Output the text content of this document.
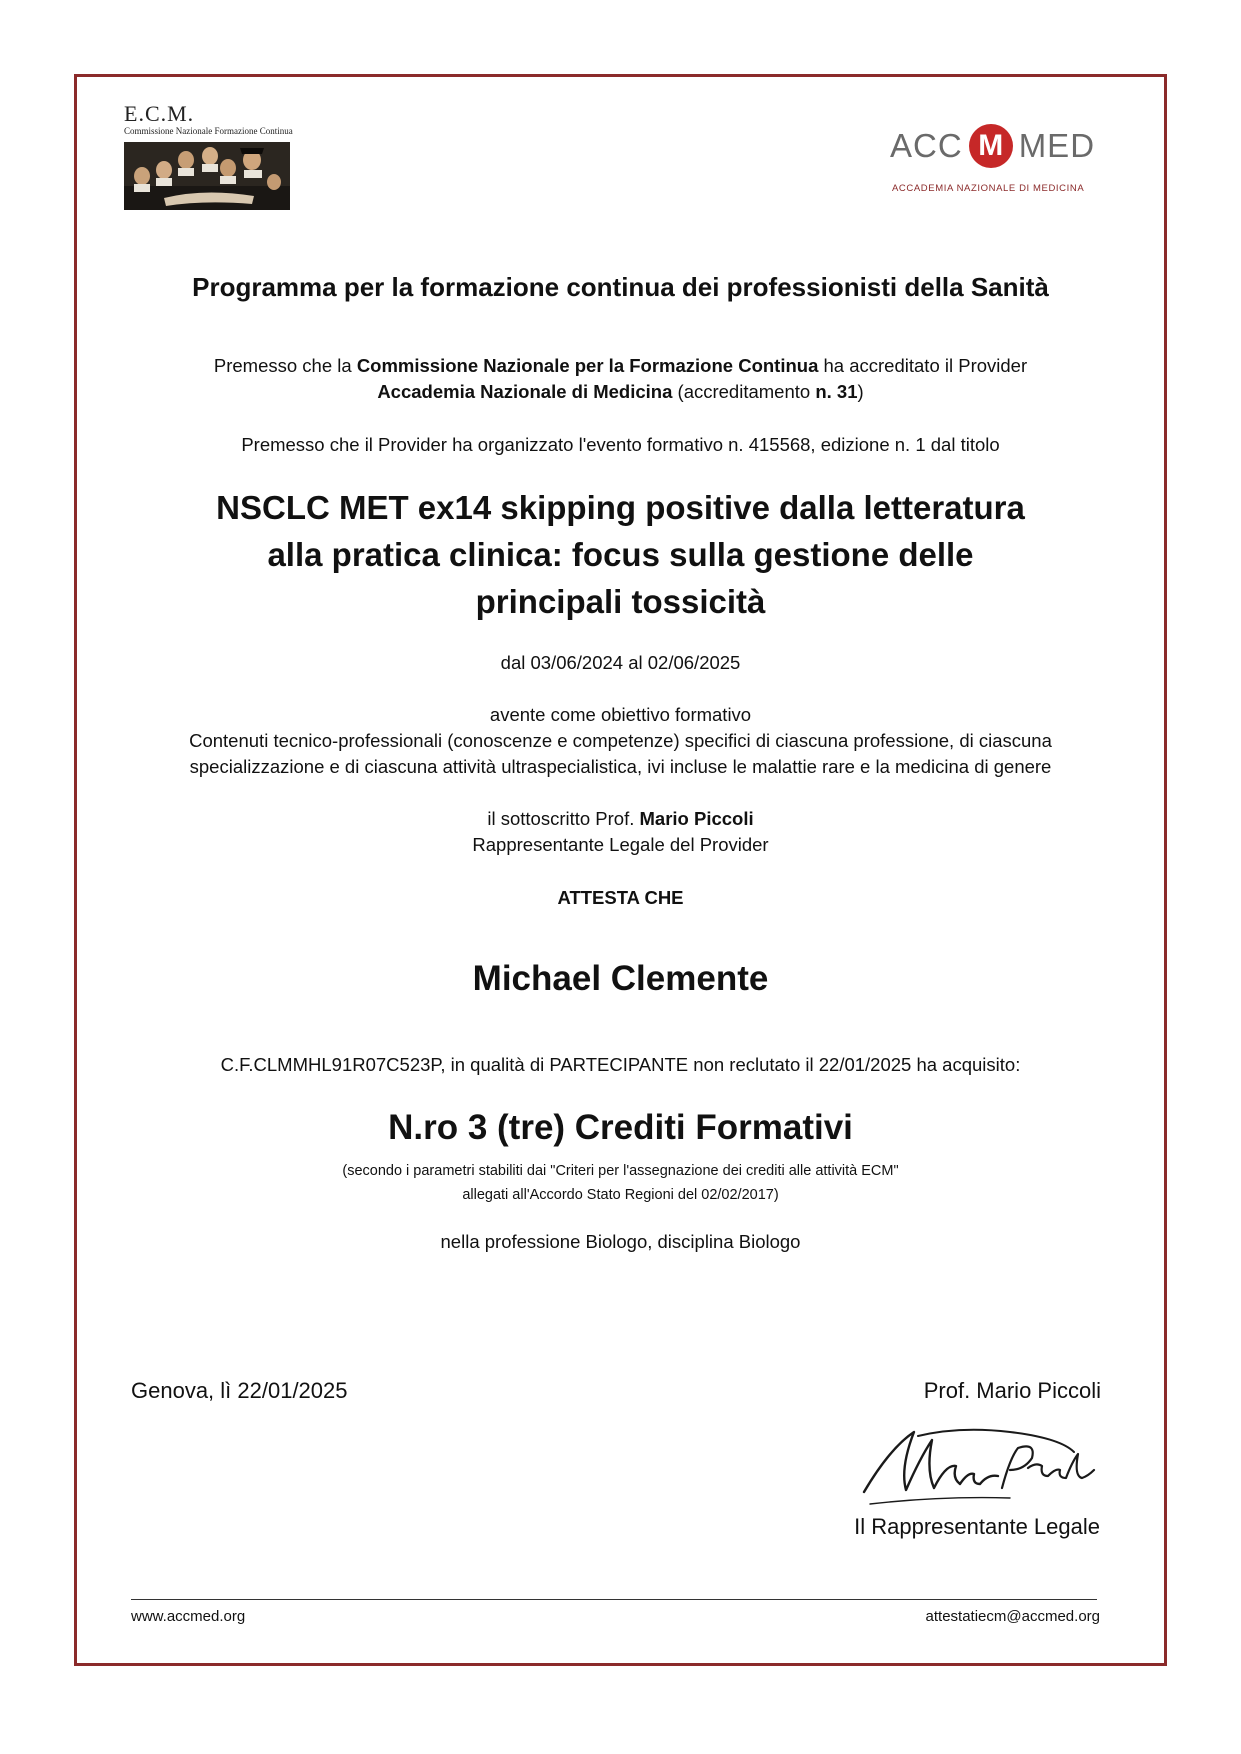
E.C.M.
Commissione Nazionale Formazione Continua	ACC M MED
ACCADEMIA NAZIONALE DI MEDICINA
Programma per la formazione continua dei professionisti della Sanità
Premesso che la Commissione Nazionale per la Formazione Continua ha accreditato il Provider
Accademia Nazionale di Medicina (accreditamento n. 31)
Premesso che il Provider ha organizzato l'evento formativo n. 415568, edizione n. 1 dal titolo
NSCLC MET ex14 skipping positive dalla letteratura
alla pratica clinica: focus sulla gestione delle
principali tossicità
dal 03/06/2024 al 02/06/2025
avente come obiettivo formativo
Contenuti tecnico-professionali (conoscenze e competenze) specifici di ciascuna professione, di ciascuna
specializzazione e di ciascuna attività ultraspecialistica, ivi incluse le malattie rare e la medicina di genere
il sottoscritto Prof. Mario Piccoli
Rappresentante Legale del Provider
ATTESTA CHE
Michael Clemente
C.F.CLMMHL91R07C523P, in qualità di PARTECIPANTE non reclutato il 22/01/2025 ha acquisito:
N.ro 3 (tre) Crediti Formativi
(secondo i parametri stabiliti dai "Criteri per l'assegnazione dei crediti alle attività ECM"
allegati all'Accordo Stato Regioni del 02/02/2017)
nella professione Biologo, disciplina Biologo
Genova, lì 22/01/2025	Prof. Mario Piccoli
Il Rappresentante Legale
www.accmed.org	attestatiecm@accmed.org
